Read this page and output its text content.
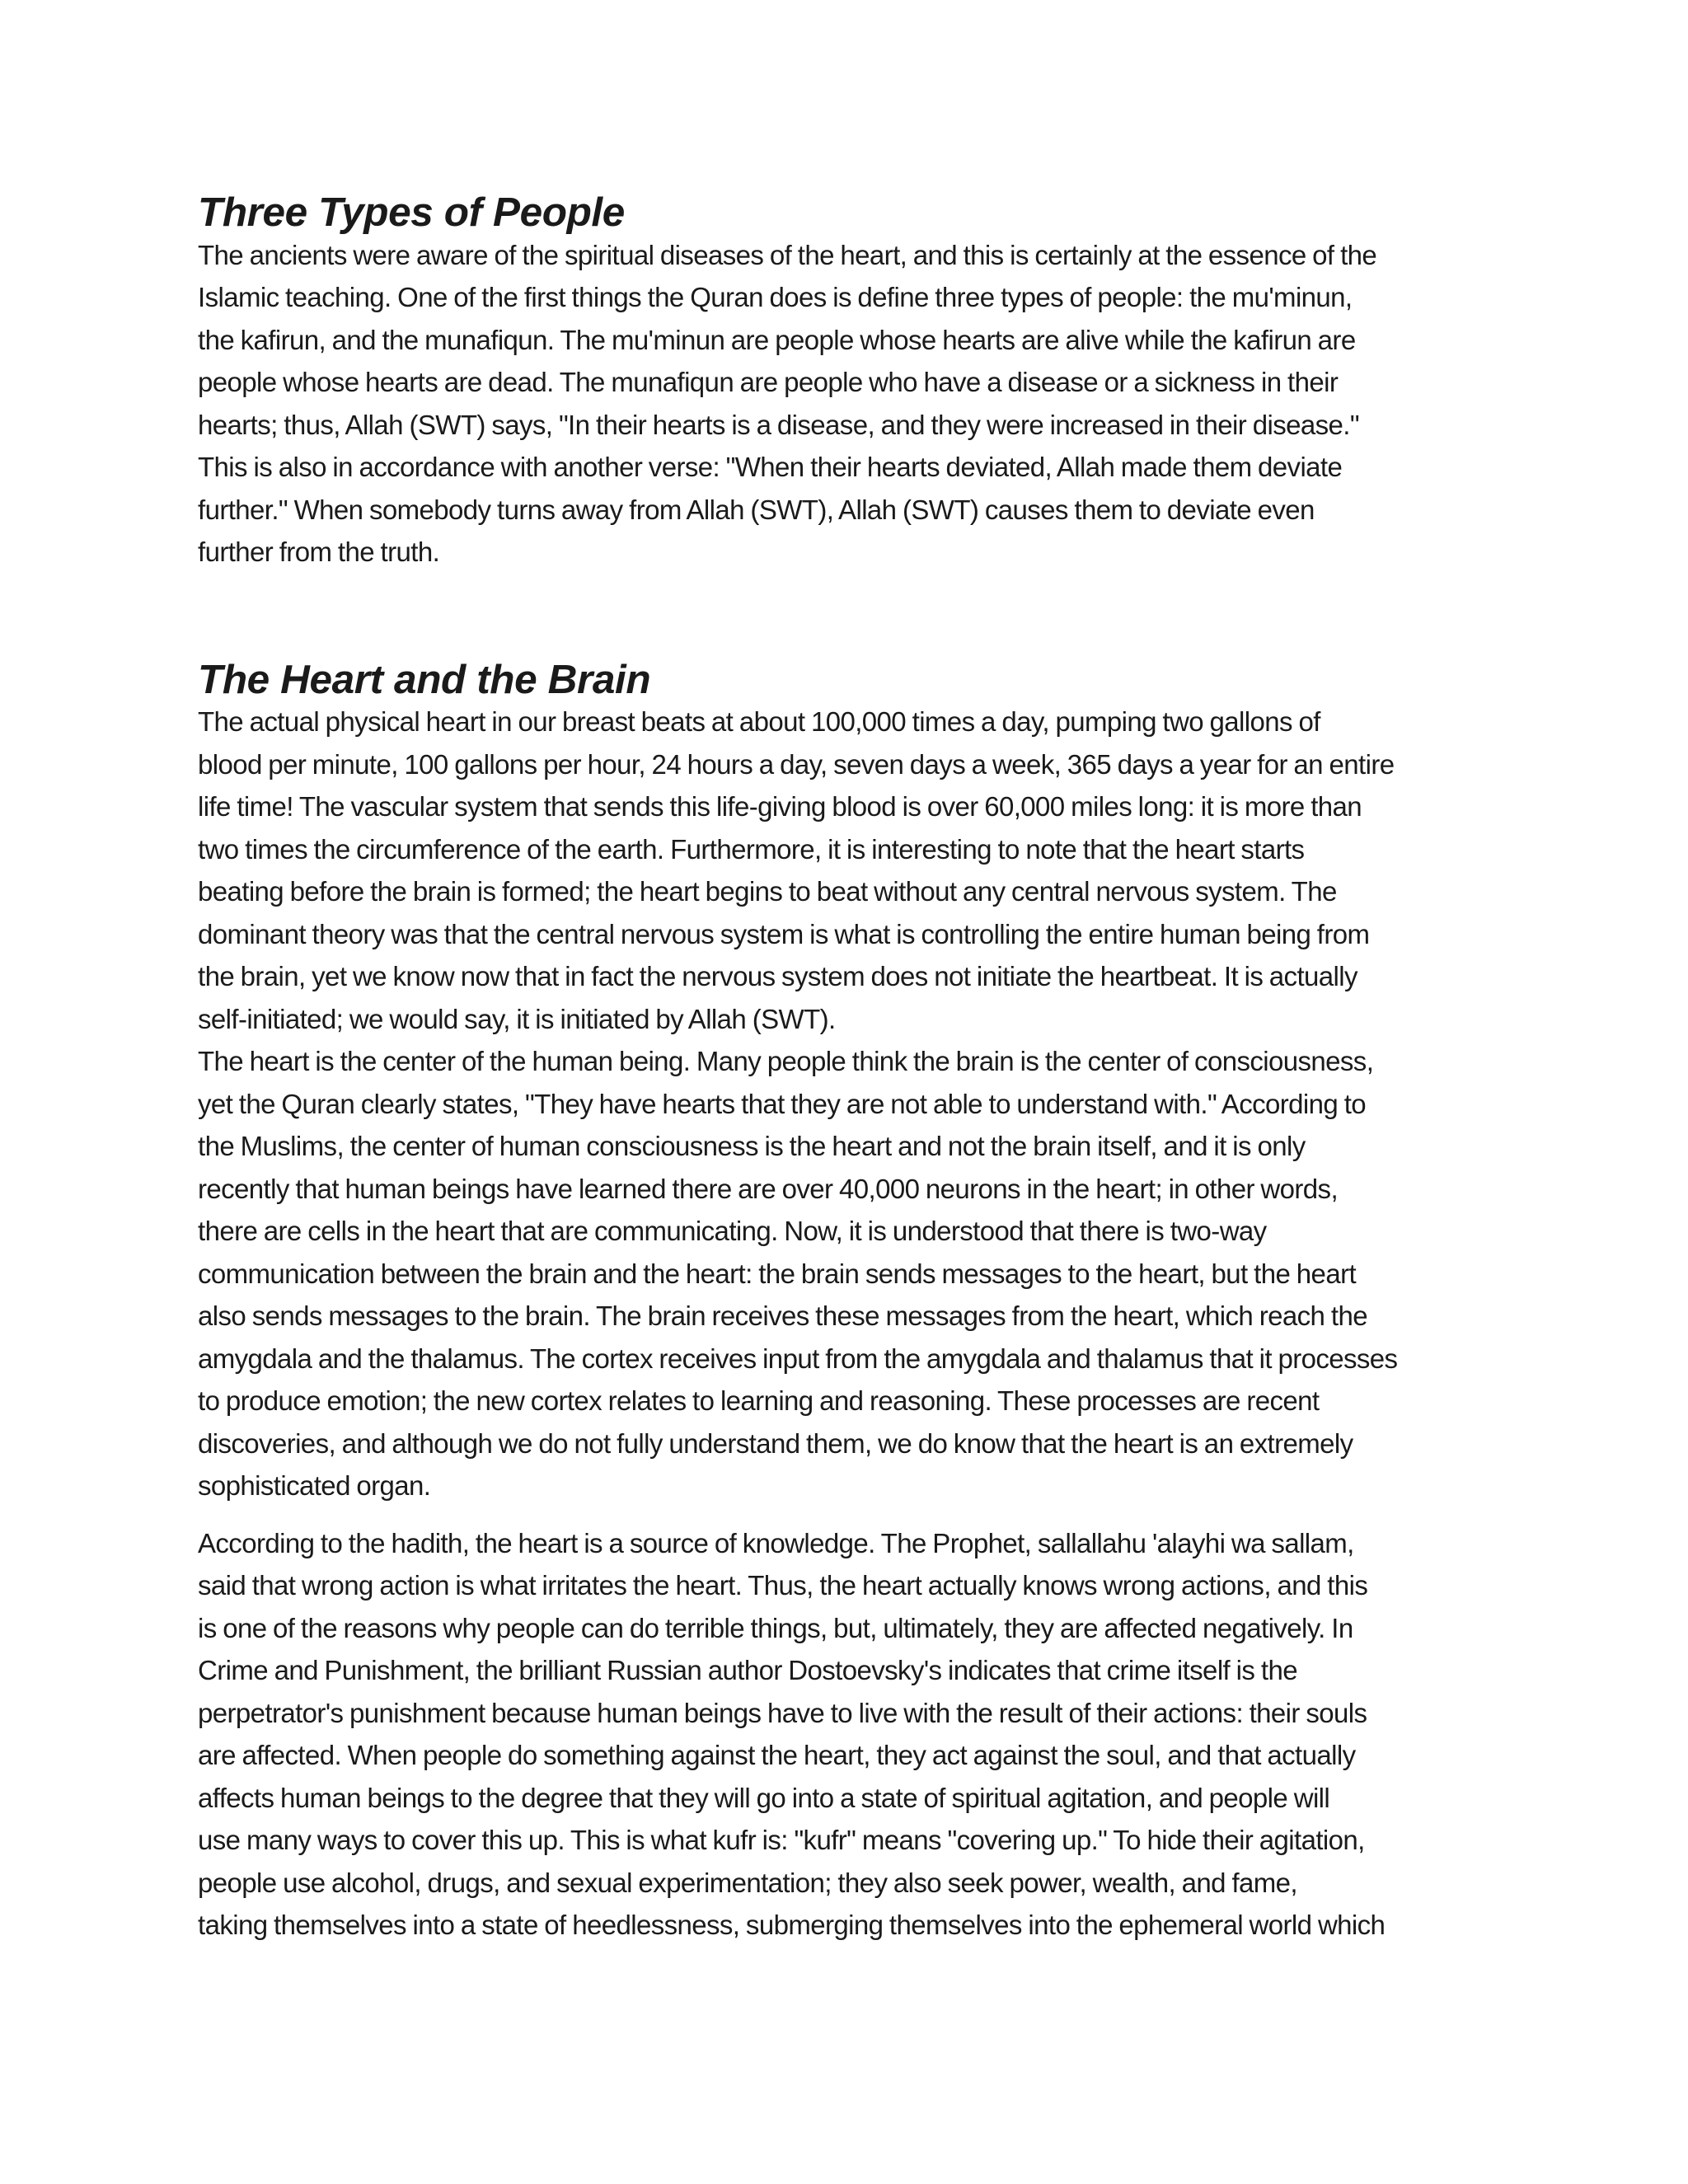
Three Types of People

The ancients were aware of the spiritual diseases of the heart, and this is certainly at the essence of the
Islamic teaching. One of the first things the Quran does is define three types of people: the mu'minun,
the kafirun, and the munafiqun. The mu'minun are people whose hearts are alive while the kafirun are
people whose hearts are dead. The munafiqun are people who have a disease or a sickness in their
hearts; thus, Allah (SWT) says, "In their hearts is a disease, and they were increased in their disease."
This is also in accordance with another verse: "When their hearts deviated, Allah made them deviate
further." When somebody turns away from Allah (SWT), Allah (SWT) causes them to deviate even
further from the truth.

The Heart and the Brain

The actual physical heart in our breast beats at about 100,000 times a day, pumping two gallons of
blood per minute, 100 gallons per hour, 24 hours a day, seven days a week, 365 days a year for an entire
life time! The vascular system that sends this life-giving blood is over 60,000 miles long: it is more than
two times the circumference of the earth. Furthermore, it is interesting to note that the heart starts
beating before the brain is formed; the heart begins to beat without any central nervous system. The
dominant theory was that the central nervous system is what is controlling the entire human being from
the brain, yet we know now that in fact the nervous system does not initiate the heartbeat. It is actually
self-initiated; we would say, it is initiated by Allah (SWT).

The heart is the center of the human being. Many people think the brain is the center of consciousness,
yet the Quran clearly states, "They have hearts that they are not able to understand with." According to
the Muslims, the center of human consciousness is the heart and not the brain itself, and it is only
recently that human beings have learned there are over 40,000 neurons in the heart; in other words,
there are cells in the heart that are communicating. Now, it is understood that there is two-way
communication between the brain and the heart: the brain sends messages to the heart, but the heart
also sends messages to the brain. The brain receives these messages from the heart, which reach the
amygdala and the thalamus. The cortex receives input from the amygdala and thalamus that it processes
to produce emotion; the new cortex relates to learning and reasoning. These processes are recent
discoveries, and although we do not fully understand them, we do know that the heart is an extremely
sophisticated organ.

According to the hadith, the heart is a source of knowledge. The Prophet, sallallahu 'alayhi wa sallam,
said that wrong action is what irritates the heart. Thus, the heart actually knows wrong actions, and this
is one of the reasons why people can do terrible things, but, ultimately, they are affected negatively. In
Crime and Punishment, the brilliant Russian author Dostoevsky's indicates that crime itself is the
perpetrator's punishment because human beings have to live with the result of their actions: their souls
are affected. When people do something against the heart, they act against the soul, and that actually
affects human beings to the degree that they will go into a state of spiritual agitation, and people will
use many ways to cover this up. This is what kufr is: "kufr" means "covering up." To hide their agitation,
people use alcohol, drugs, and sexual experimentation; they also seek power, wealth, and fame,
taking themselves into a state of heedlessness, submerging themselves into the ephemeral world which
